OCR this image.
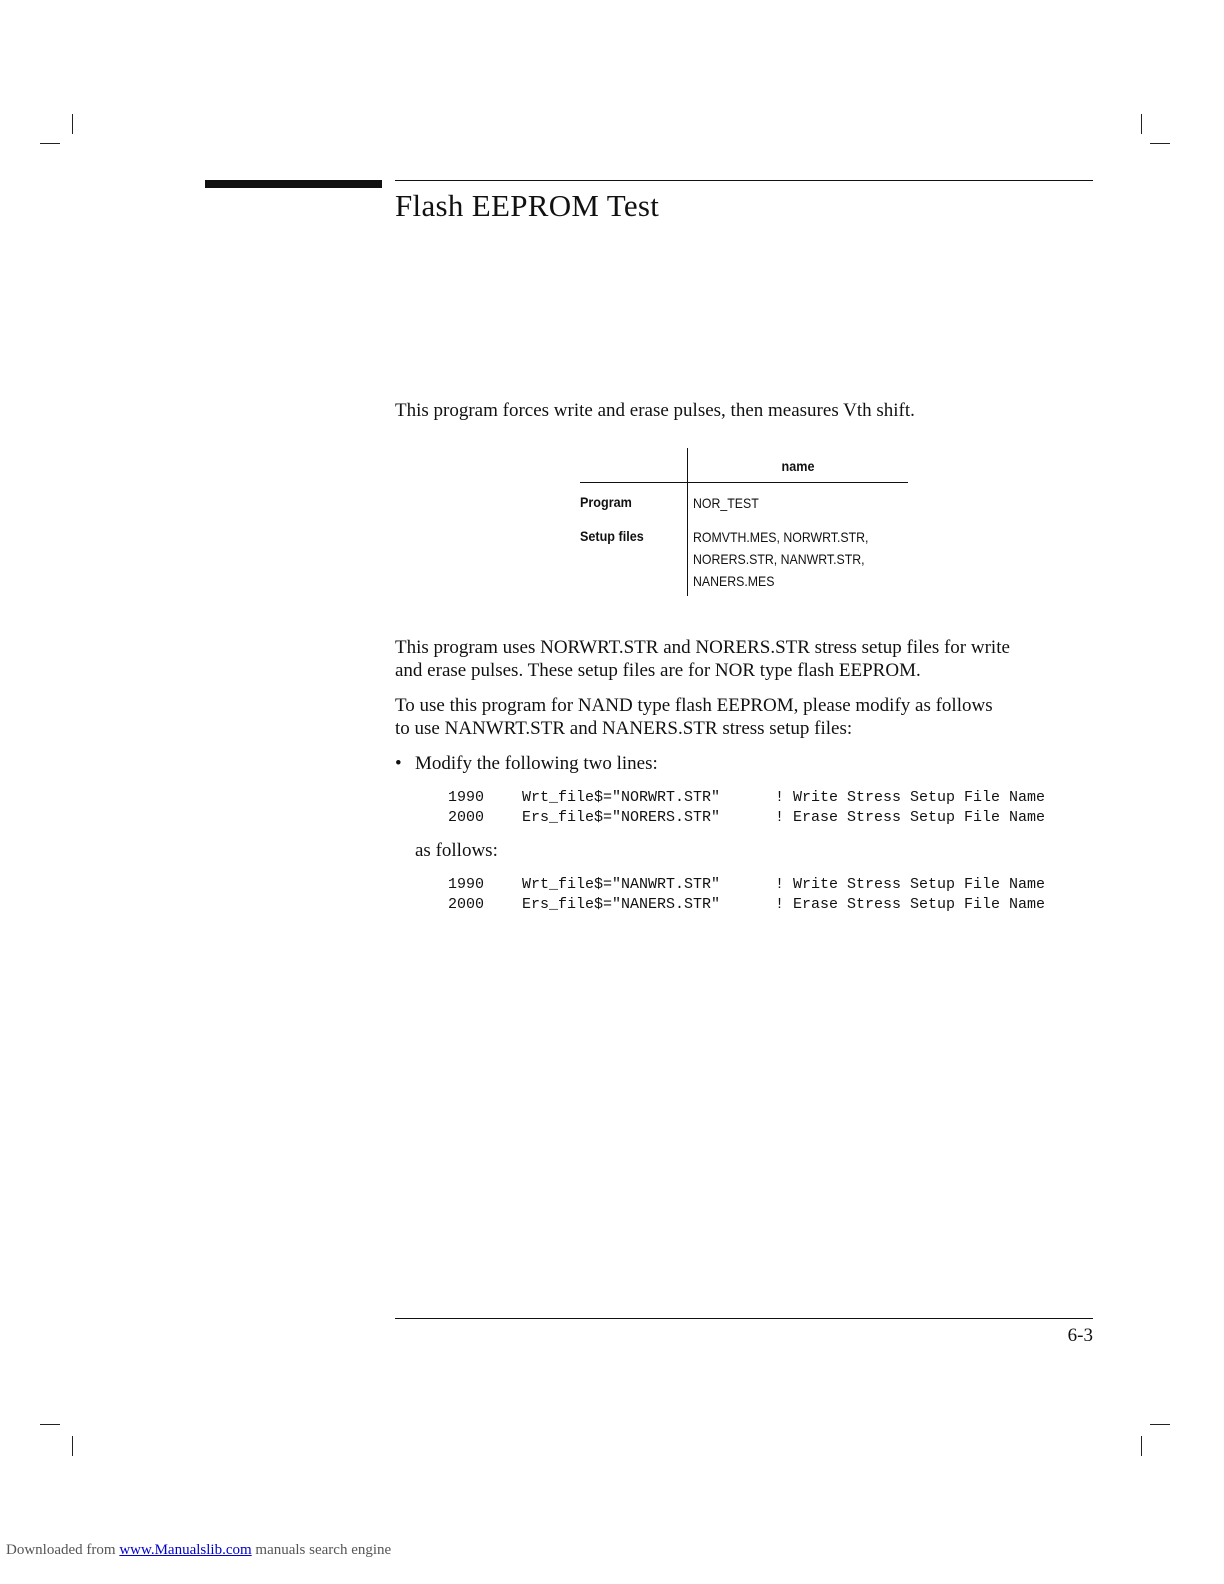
Flash EEPROM Test

This program forces write and erase pulses, then measures Vth shift.

name
Program	NOR_TEST
Setup files	ROMVTH.MES, NORWRT.STR,
NORERS.STR, NANWRT.STR,
NANERS.MES

This program uses NORWRT.STR and NORERS.STR stress setup files for write

and erase pulses. These setup files are for NOR type flash EEPROM.

To use this program for NAND type flash EEPROM, please modify as follows

to use NANWRT.STR and NANERS.STR stress setup files:

• Modify the following two lines:
1990	Wrt_file$="NORWRT.STR"	! Write Stress Setup File Name
2000	Ers_file$="NORERS.STR"	! Erase Stress Setup File Name
as follows:
1990	Wrt_file$="NANWRT.STR"	! Write Stress Setup File Name
2000	Ers_file$="NANERS.STR"	! Erase Stress Setup File Name
6-3
Downloaded from www.Manualslib.com manuals search engine
